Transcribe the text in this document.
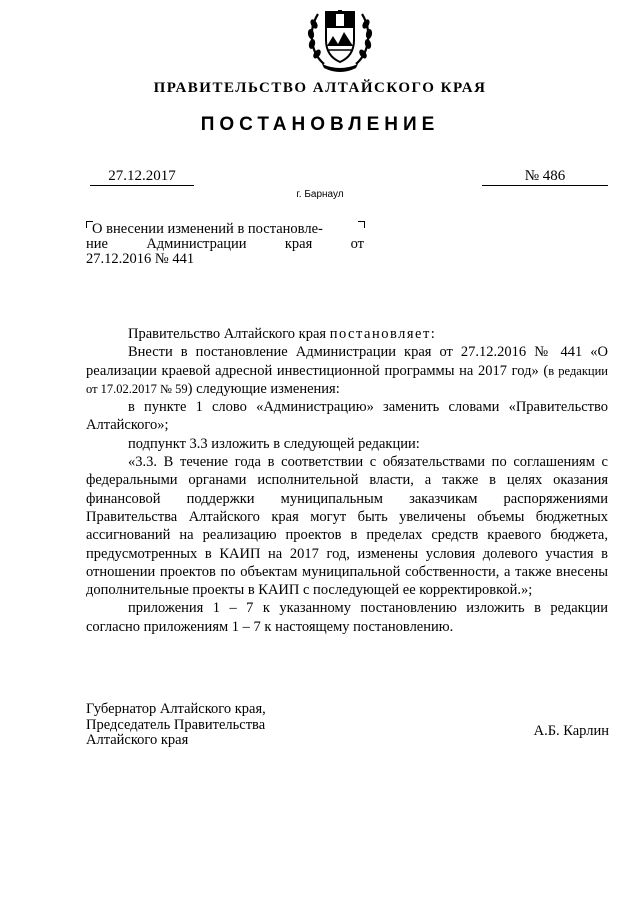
ПРАВИТЕЛЬСТВО АЛТАЙСКОГО КРАЯ
ПОСТАНОВЛЕНИЕ
27.12.2017	№ 486
г. Барнаул
О внесении изменений в постановле-
ние	Администрации	края	от
27.12.2016 № 441

Правительство Алтайского края постановляет:

Внести в постановление Администрации края от 27.12.2016 № 441 «О реализации краевой адресной инвестиционной программы на 2017 год» (в редакции от 17.02.2017 № 59) следующие изменения:

в пункте 1 слово «Администрацию» заменить словами «Правительство Алтайского»;

подпункт 3.3 изложить в следующей редакции:

«3.3. В течение года в соответствии с обязательствами по соглашениям с федеральными органами исполнительной власти, а также в целях оказания финансовой поддержки муниципальным заказчикам распоряжениями Правительства Алтайского края могут быть увеличены объемы бюджетных ассигнований на реализацию проектов в пределах средств краевого бюджета, предусмотренных в КАИП на 2017 год, изменены условия долевого участия в отношении проектов по объектам муниципальной собственности, а также внесены дополнительные проекты в КАИП с последующей ее корректировкой.»;

приложения 1 – 7 к указанному постановлению изложить в редакции согласно приложениям 1 – 7 к настоящему постановлению.

Губернатор Алтайского края,
Председатель Правительства
Алтайского края
А.Б. Карлин
